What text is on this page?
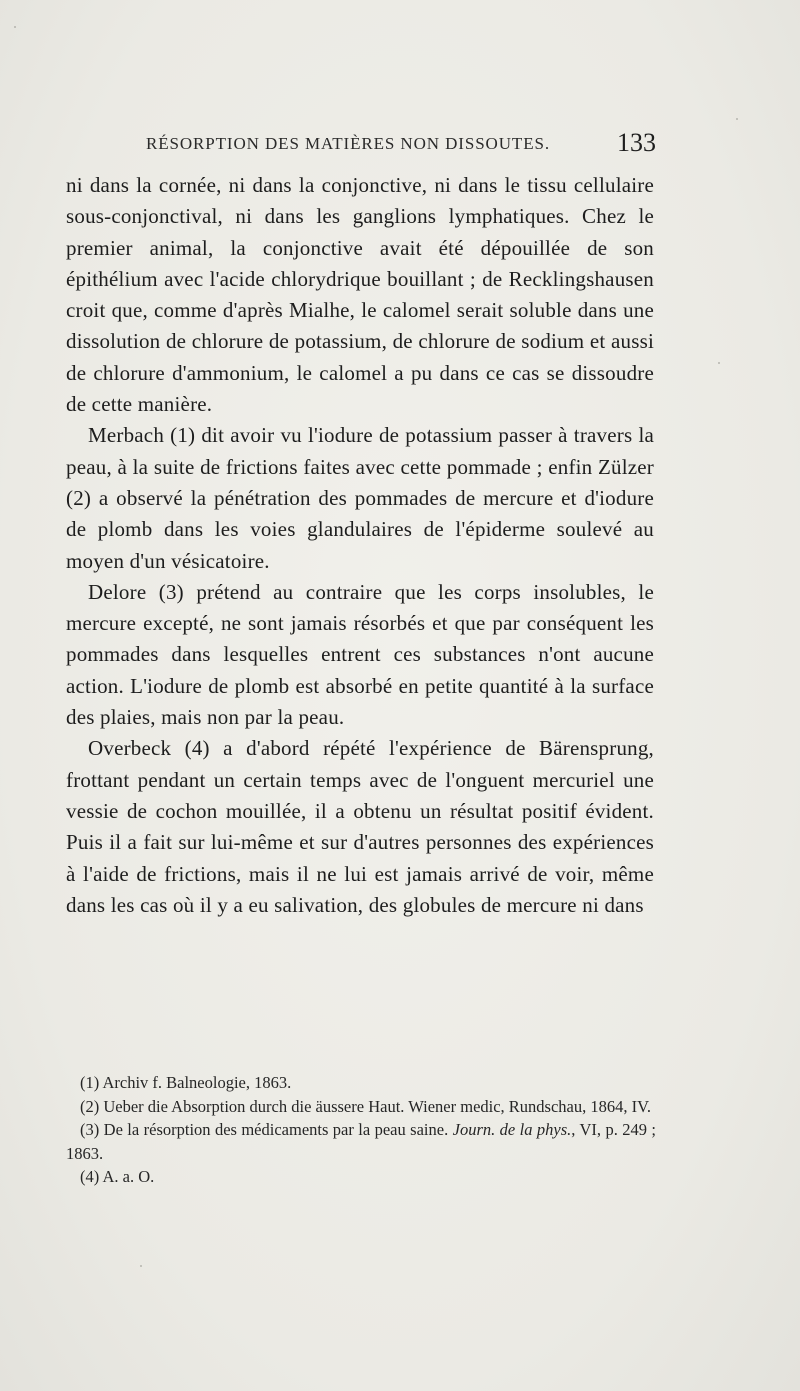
RÉSORPTION DES MATIÈRES NON DISSOUTES.	133

ni dans la cornée, ni dans la conjonctive, ni dans le tissu cellulaire sous-conjonctival, ni dans les ganglions lymphatiques. Chez le premier animal, la conjonctive avait été dépouillée de son épithélium avec l'acide chlorydrique bouillant ; de Recklingshausen croit que, comme d'après Mialhe, le calomel serait soluble dans une dissolution de chlorure de potassium, de chlorure de sodium et aussi de chlorure d'ammonium, le calomel a pu dans ce cas se dissoudre de cette manière.

Merbach (1) dit avoir vu l'iodure de potassium passer à travers la peau, à la suite de frictions faites avec cette pommade ; enfin Zülzer (2) a observé la pénétration des pommades de mercure et d'iodure de plomb dans les voies glandulaires de l'épiderme soulevé au moyen d'un vésicatoire.

Delore (3) prétend au contraire que les corps insolubles, le mercure excepté, ne sont jamais résorbés et que par conséquent les pommades dans lesquelles entrent ces substances n'ont aucune action. L'iodure de plomb est absorbé en petite quantité à la surface des plaies, mais non par la peau.

Overbeck (4) a d'abord répété l'expérience de Bärensprung, frottant pendant un certain temps avec de l'onguent mercuriel une vessie de cochon mouillée, il a obtenu un résultat positif évident. Puis il a fait sur lui-même et sur d'autres personnes des expériences à l'aide de frictions, mais il ne lui est jamais arrivé de voir, même dans les cas où il y a eu salivation, des globules de mercure ni dans

(1) Archiv f. Balneologie, 1863.

(2) Ueber die Absorption durch die äussere Haut. Wiener medic, Rundschau, 1864, IV.

(3) De la résorption des médicaments par la peau saine. Journ. de la phys., VI, p. 249 ; 1863.

(4) A. a. O.
